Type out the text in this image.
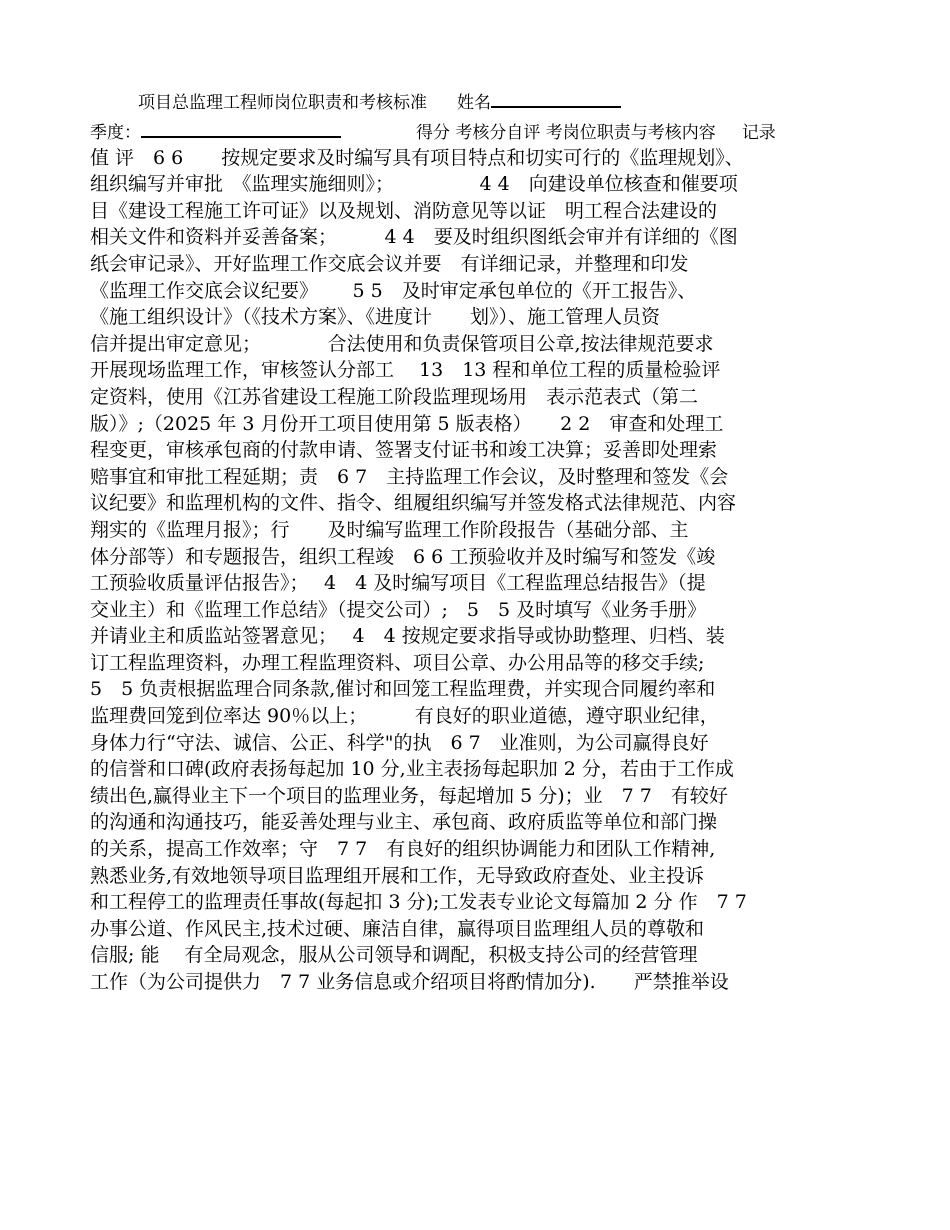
项目总监理工程师岗位职责和考核标准 姓名
季度：	得分 考核分自评 考岗位职责与考核内容 记录
值 评　6 6　　按规定要求及时编写具有项目特点和切实可行的《监理规划》、
组织编写并审批　《监理实施细则》；　　　　　4 4　向建设单位核查和催要项
目《建设工程施工许可证》以及规划、消防意见等以证　明工程合法建设的
相关文件和资料并妥善备案；　　　4 4　要及时组织图纸会审并有详细的《图
纸会审记录》、开好监理工作交底会议并要　有详细记录，并整理和印发
《监理工作交底会议纪要》　　 5 5　及时审定承包单位的《开工报告》、
《施工组织设计》（《技术方案》、《进度计　　划》）、施工管理人员资
信并提出审定意见；　　　　合法使用和负责保管项目公章,按法律规范要求
开展现场监理工作，审核签认分部工　 13　13 程和单位工程的质量检验评
定资料，使用《江苏省建设工程施工阶段监理现场用　表示范表式（第二
版）》;（2025 年 3 月份开工项目使用第 5 版表格）　　2 2　审查和处理工
程变更，审核承包商的付款申请、签署支付证书和竣工决算；妥善即处理索
赔事宜和审批工程延期；责　6 7　主持监理工作会议，及时整理和签发《会
议纪要》和监理机构的文件、指令、组履组织编写并签发格式法律规范、内容
翔实的《监理月报》；行　　及时编写监理工作阶段报告（基础分部、主
体分部等）和专题报告，组织工程竣　6 6 工预验收并及时编写和签发《竣
工预验收质量评估报告》；　 4　4 及时编写项目《工程监理总结报告》（提
交业主）和《监理工作总结》（提交公司）;　5　5 及时填写《业务手册》
并请业主和质监站签署意见；　 4　4 按规定要求指导或协助整理、归档、装
订工程监理资料，办理工程监理资料、项目公章、办公用品等的移交手续;
5　5 负责根据监理合同条款,催讨和回笼工程监理费，并实现合同履约率和
监理费回笼到位率达 90％以上；　　　有良好的职业道德，遵守职业纪律，
身体力行“守法、诚信、公正、科学"的执　6 7　业准则，为公司赢得良好
的信誉和口碑(政府表扬每起加 10 分,业主表扬每起职加 2 分，若由于工作成
绩出色,赢得业主下一个项目的监理业务，每起增加 5 分)；业　7 7　有较好
的沟通和沟通技巧，能妥善处理与业主、承包商、政府质监等单位和部门操
的关系，提高工作效率；守　7 7　有良好的组织协调能力和团队工作精神,
熟悉业务,有效地领导项目监理组开展和工作，无导致政府查处、业主投诉
和工程停工的监理责任事故(每起扣 3 分);工发表专业论文每篇加 2 分 作　7 7
办事公道、作风民主,技术过硬、廉洁自律，赢得项目监理组人员的尊敬和
信服; 能　 有全局观念，服从公司领导和调配，积极支持公司的经营管理
工作（为公司提供力　7 7 业务信息或介绍项目将酌情加分).　　严禁推举设
